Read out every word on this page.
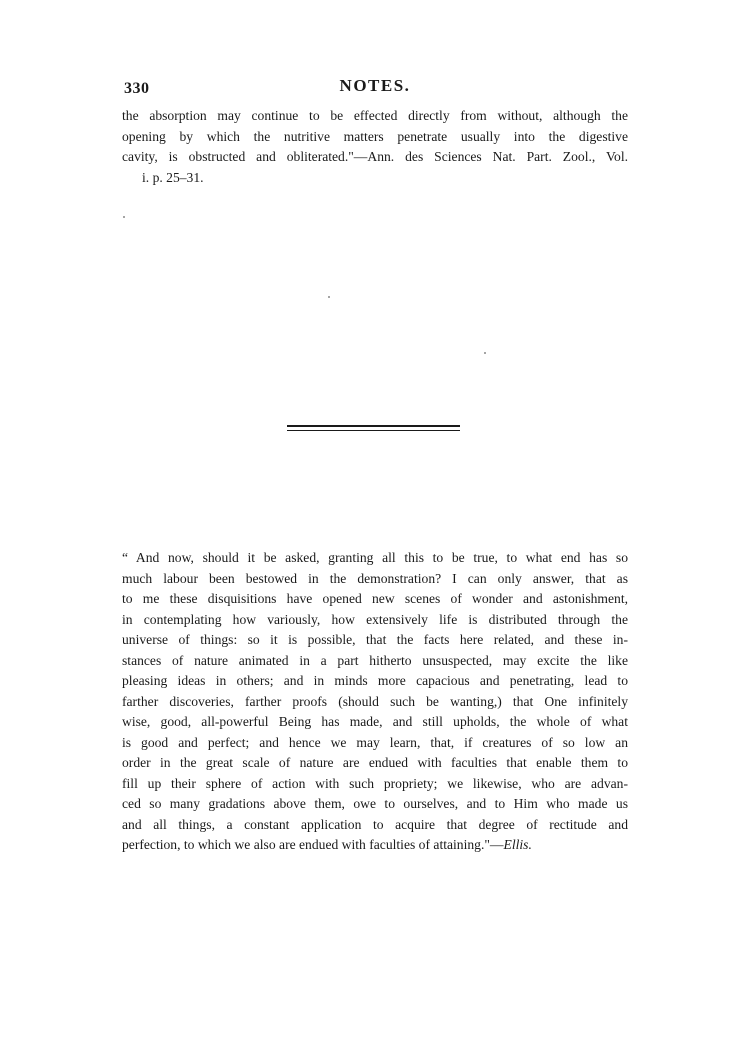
330	NOTES.
the absorption may continue to be effected directly from without, although the
opening by which the nutritive matters penetrate usually into the digestive
cavity, is obstructed and obliterated."—Ann. des Sciences Nat. Part. Zool., Vol.
i. p. 25–31.
“ And now, should it be asked, granting all this to be true, to what end has so
much labour been bestowed in the demonstration? I can only answer, that as
to me these disquisitions have opened new scenes of wonder and astonishment,
in contemplating how variously, how extensively life is distributed through the
universe of things: so it is possible, that the facts here related, and these in-
stances of nature animated in a part hitherto unsuspected, may excite the like
pleasing ideas in others; and in minds more capacious and penetrating, lead to
farther discoveries, farther proofs (should such be wanting,) that One infinitely
wise, good, all-powerful Being has made, and still upholds, the whole of what
is good and perfect; and hence we may learn, that, if creatures of so low an
order in the great scale of nature are endued with faculties that enable them to
fill up their sphere of action with such propriety; we likewise, who are advan-
ced so many gradations above them, owe to ourselves, and to Him who made us
and all things, a constant application to acquire that degree of rectitude and
perfection, to which we also are endued with faculties of attaining."—Ellis.
